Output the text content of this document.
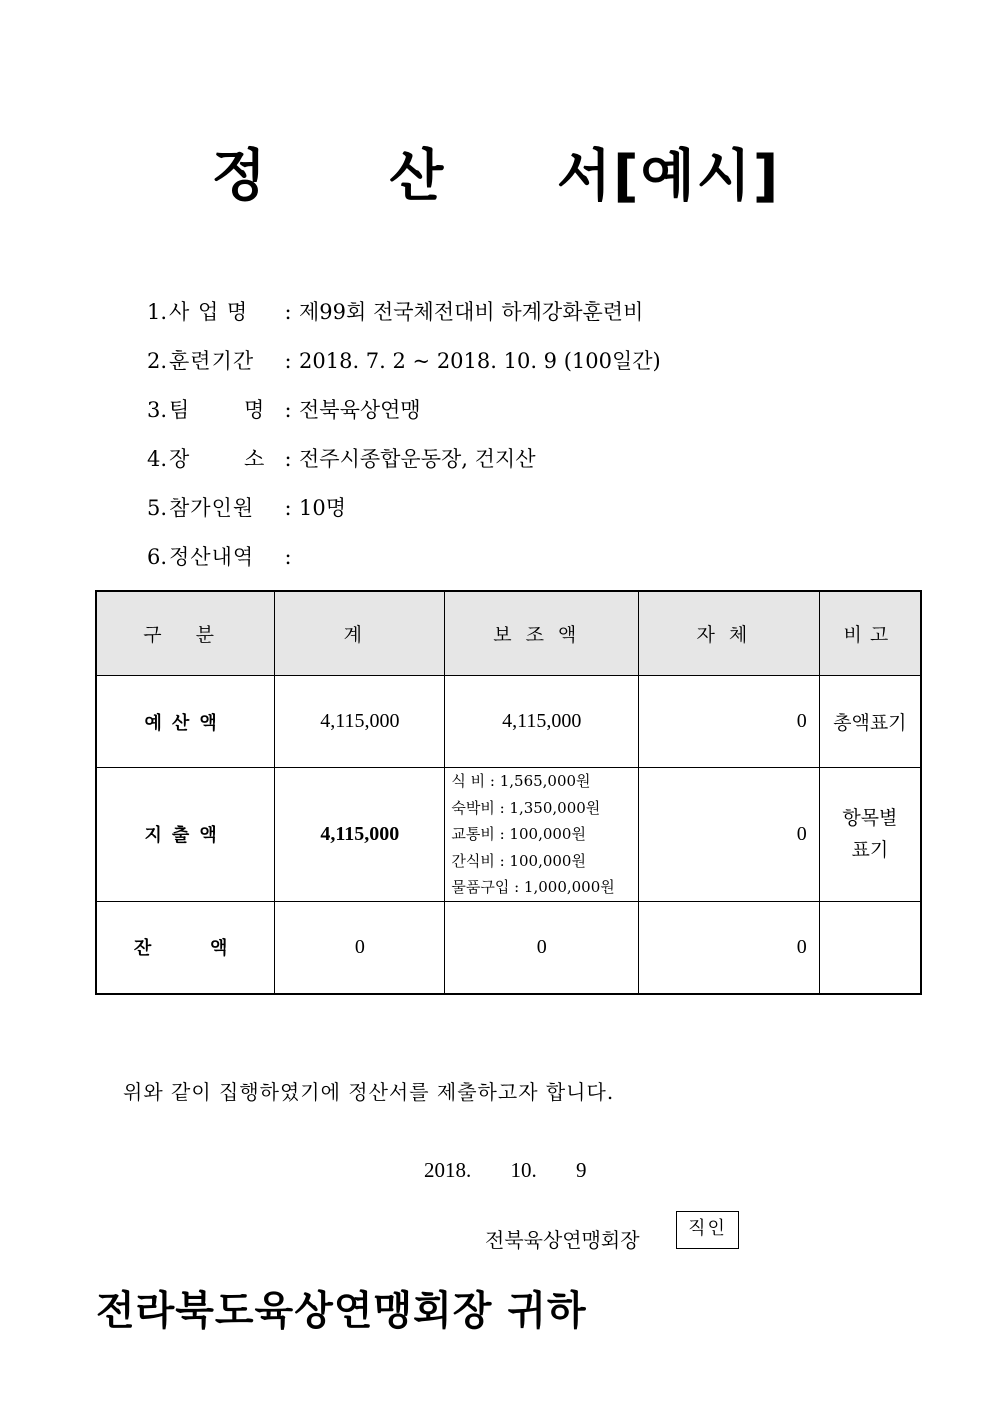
정 산 서[예시]
1. 사 업 명	: 제99회 전국체전대비 하계강화훈련비
2. 훈련기간	: 2018. 7. 2 ~ 2018. 10. 9 (100일간)
3. 팀       명 : 전북육상연맹
4. 장       소 : 전주시종합운동장, 건지산
5. 참가인원	: 10명
6. 정산내역	:
구 분	계	보조액	자체	비고
예산액	4,115,000	4,115,000	0	총액표기
지출액	4,115,000	식 비 : 1,565,000원
숙박비 : 1,350,000원
교통비 : 100,000원
간식비 : 100,000원
물품구입 : 1,000,000원	0	항목별
표기

잔   액	0	0	0	
위와 같이 집행하였기에 정산서를 제출하고자 합니다.
2018. 10. 9
전북육상연맹회장	직인
전라북도육상연맹회장 귀하
